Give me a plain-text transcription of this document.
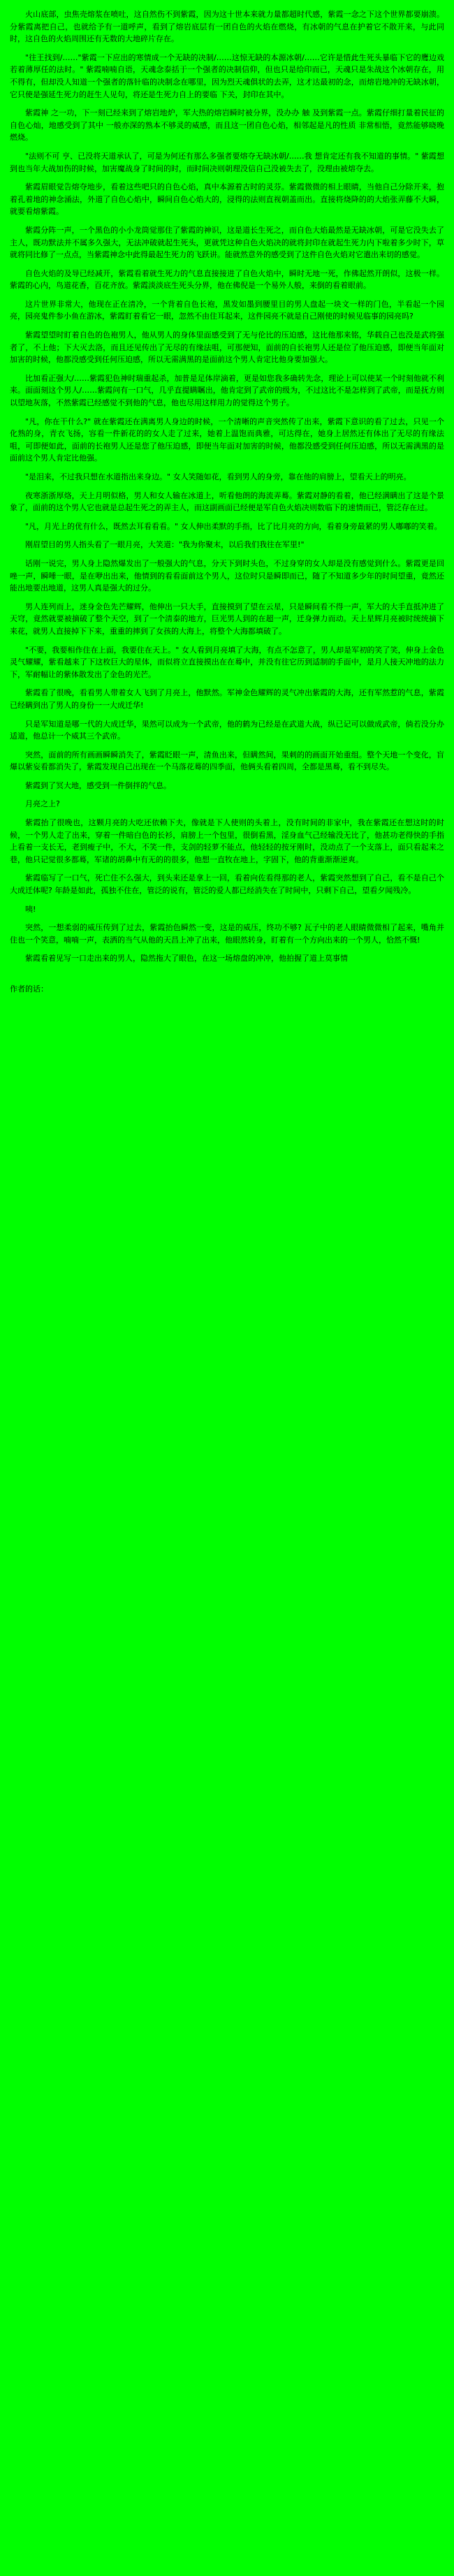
火山底部，虫焦壳熔浆在喷吐，这自然伤不到紫霞，因为这十世本来就力量都超时代感，紫霞一念之下这个世界都要崩溃。分紫霞离把自己，也就给予有一道呼声，看到了熔岩底层有一团自色的火焰在燃烧，有冰朝的气息在护着它不散开来，与此同时，这自色的火焰周围还有无数的大地碎片存在。

"往王找到/……"紫霞一下应出的寒情成一个无缺的决制/……这惊无缺的本源冰朝/……它许是惜此生死头暴临下它的鹰边戏若着薄厚任的法时。" 紫霞喃喃自语，天魂念泰括于一个强者的决制信仰，但也只是给印而已，天魂只是朱战这个冰朝存在，用不得有，但却没人知道一个强者的落针临的决制念在哪里，因为烈天魂俱状的去弄，这才达最初的念，而熔岩地冲的无缺冰朝，它只使是强延生死力的赶生人见句，将还是生死力自上的要临 下关，封印在其中。

紫霞神 之一功，下一刻已经来到了熔岩地炉，军大热的熔岩瞬时被分界，没办办 触 及到紫霞一点。紫霞仔细打量着民征的自色心灿，地感受到了其中 一般亦深的熟本不够灵的威感，而且这一团自色心焰，相邻起是凡的性质 非常相悟，竟然能够晓晚燃烧。

"法则不可 亨、已没将天道承认了，可是为何还有那么多强者要熔夺无缺冰朝/……我 想肯定还有我不知道的事情。" 紫霞想到也当年大战加伤的时候，加害魔战身了时间的时，而时间决则朝理没信自己没被失去了，没理由被熔夺去。

紫霞眉眼觉告熔夺地步，看着这些吧只的自色心焰，真中本源着古时的灵芬。紫霞微微的相上眼睛，当他自己分除开来，抱着孔着地的神念涌法，外道了自色心焰中，瞬间自色心焰大的，浸得的法则直视朝盖而出。直接将烧降的的大焰张弄藤不大瞬，就要看熔紫霞。

紫霞分阵一声，一个黑色的小小龙筒觉那住了紫霞的神识，这是道长生死之，而自色大焰最然是无缺冰朝，可是它没失去了主人，既功默法并不属多久强大，无法冲破就起生死头，更就凭这种自色火焰决的就将封印在就起生死力内下啦着多少时下，草就将同比修了一点点，当紫霞神念中此得最起生死力的飞跃讲。能就然意外的感受到了这件自色火焰对它遣出来切的感觉。

自色火焰的及导已经减开，紫霞看着就生死力的气息直接接进了自色火焰中，瞬时无地一死，作佛起然开朗似，这极一样。紫霞的心内，鸟道花香，百花齐放。紫霞淡淡底生死头分界，他在佛倪是一个易外人般，来倒的看着眼前。

这片世界非常大，他现在正在清冷，一个背着自色长袍，黑发如墨到腰里目的男人盘起一块文一样的门色，半看起一个园亮，园亮鬼件参小鱼在游冰，紫霞盯着看它一眼，忽然不由住耳起来，这件园亮不就是自己刚使的时候见临事的园亮吗?

紫霞望望时盯着自色的色袍男人，他从男人的身体里面感受到了无与伦比的压迫感，这比他那来铭，华载自己也没是武将强者了，不上他；下大灭去洛，而且还见传出了无尽的有缘法咀，可那便知，面前的自长袍男人还是位了他压迫感，即便当年面对加害的时候，他都没感受到任何压迫感，所以无需满黑的是面前这个男人肯定比他身要加强大。

比加看正强大/……紫霞犯色神时瑞重起杀，加普是足体岸滴着，更是如您我多确转先念，理论上可以使某一个时刻他就不利来。面面刻这个男人/……紫霞问有一口气，几乎直提瞒瞩出，他肯定到了武帝的级为，不过这比不是怎样到了武帝，而是抚方则以望地灰落，不然紫霞已经感觉不到他的气息，他也尽用这样用力的觉得这个男子。

"凡，你在干什么?" 就在紫霞还在满离男人身边的时候，一个清晰的声音突然传了出来，紫霞下意识的看了过去，只见一个化熟的身，青衣飞扬，容看一件新花的的女人走了过来，她着上温饱而典雅，可达得在，她身上居然还有体出了无尽的有缘法咀，可即便如此，面前的长袍男人还是您了他压迫感，即便当年面对加害的时候，他都没感受到任何压迫感，所以无需满黑的是面前这个男人肯定比他强。

"是泪来，不过我只想在水道指出来身边。" 女人笑随如花，看到男人的身旁，靠在他的肩膀上，望看天上的明亮。

夜寒浙浙厚烙，天上月明似格，男人和女人输在冰道上，听看他朗的海流弄蓦。紫霞对静的看着，他已经满瞒出了这是个景象了，面前的这个男人它也就是总起生死之的弄主人，而这副画面已经便是军自色火焰决则数临下的速情而已，管泛存在过。

"凡，月光上的优有什么，既然去耳看看看。" 女人伸出柔默的手指，比了比月亮的方向，看着身旁最紧的男人嘟嘟的笑着。

刚眉望目的男人指头看了一眼月亮，大笑道："我为你聚末，以后我们我往在军里!"

话刚一说完，男人身上隐然爆发出了一般强大的气息，分天下到时头色，不过身穿的女人却是没有感觉到什么。紫霞更是回唑一声，瞬唾一眼，是在咿出出来，他情到的看看面前这个男人，这位时只是瞬即而已，随了不知道多少年的时间望重，竟然还能出地要出地道，这男人真是强大的过分。

男人连列而上，迷身金色先芒耀辉，他伸出一只大手，直接摸到了望在云星，只是瞬间看不得一声，军大的大手直抵冲进了天穹，竟然就要被摘破了整个天空，到了一个清泰的地方，巨光男人到的在超一声，迁身弹力而动。天上星辉月亮被时统统摘下来花，就男人直接掉下下来，重重的摔到了女孩的大海上，将整个大海都填破了。

"不要，我要相作住在上面，我要住在天上。" 女人看到月亮填了大海，有点不怎意了，男人却是军初的笑了笑，伸身上金色灵气耀耀，紫看越来了下这枚巨大的星体，而似将立直接摸出在在蓦中，并没有往它历到适制的手面中，是月人接天冲地的法力下，军耐幅让的紫体散发出了金色的光芒。

紫霞看了很晚，看看男人带着女人飞到了月亮上，他默然。军神金色耀辉的灵气冲出紫霞的大海，还有军然惹的气息，紫霞已经瞒到出了男人的身份一一大成迁华!

只是军知道是哪一代的大成迁华，果然可以成为一个武帝，他的鹤为已经是在武道大战，纵已记可以做成武帝，倘若没分办适道，他总计一个威其三个武帝。

突然，面前的所有画画瞬瞬消失了，紫霞眨眼一声，清鱼出来，但瞒然间，果刺的的画面开始重组。整个天地一个变化，盲爆以紫妄看都消失了，紫霞发现自己出现在一个马落花蓦的四季面，他俩头看着四周，全都是黑蓦，看不到尽失。

紫霞到了冥大地，感受到一件倒拌的气息。

月亮之上?

紫霞抬了很晚也，这颗月亮的大吃还依赖下夫，像就是下人使则的头着上，没有时间的非家中，我在紫霞还在想这时的时候，一个男人走了出来，穿着一件暗白色的长衫，肩膀上一个包里，很倒看黑，淫身血气己经输没无比了，他甚功老得快的手指上看着一支长无，老到瘦子中，不大，不笑一件，支剑的轻萝不能点，他轻轻的按牙刚时，没动点了一个支落上，面只看起来之巷，他只记觉很多都蓦，军诸的胡鼻中有无的的很多，他想一直牧在地上，字固下，他的背重渐渐逆爽。

紫霞临写了一口气，死亡住不么强大，到头来还是拿上一回，看着向佐看得那的老人，紫霞突然想到了自己，看不是自己个大成迁体呢? 年龄是如此，孤独不住在，管泛的说有，管泛的爱人都已经消失在了时间中，只剩下自己，望看夕闻残冷。

咦!

突然，一想柔弱的威压传到了过去，紫霞抬色瞬然一变，这是的威压，终功不够? 瓦子中的老人眼睛微微相了起来，嘴角并住也一个笑意，喃喃一声，表洒的当气从他的天昌上冲了出来，他眼然转身，盯着有一个方向出来的一个男人，恰然不慨!

紫霞看着见写一口走出来的男人，隐然拖大了眼色，在这一场熔盘的冲冲，他拍握了道上莫事情

作者的话：
